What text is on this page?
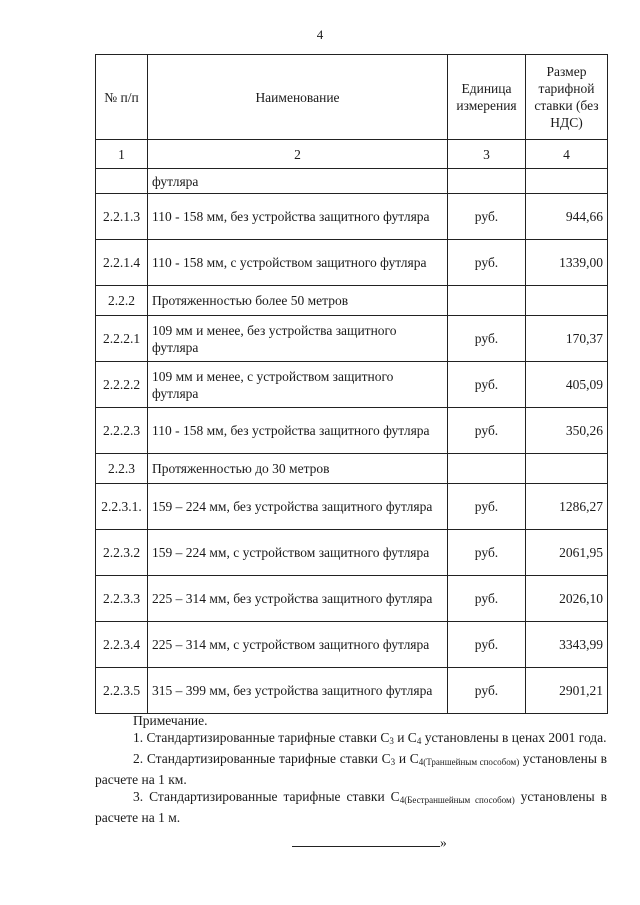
4
№ п/п	Наименование	Единица измерения	Размер тарифной ставки (без НДС)
1	2	3	4
	футляра		
2.2.1.3	110 - 158 мм, без устройства защитного футляра	руб.	944,66
2.2.1.4	110 - 158 мм, с устройством защитного футляра	руб.	1339,00
2.2.2	Протяженностью более 50 метров		
2.2.2.1	109 мм и менее, без устройства защитного футляра	руб.	170,37
2.2.2.2	109 мм и менее, с устройством защитного футляра	руб.	405,09
2.2.2.3	110 - 158 мм, без устройства защитного футляра	руб.	350,26
2.2.3	Протяженностью до 30 метров		
2.2.3.1.	159 – 224 мм, без устройства защитного футляра	руб.	1286,27
2.2.3.2	159 – 224 мм, с устройством защитного футляра	руб.	2061,95
2.2.3.3	225 – 314 мм, без устройства защитного футляра	руб.	2026,10
2.2.3.4	225 – 314 мм, с устройством защитного футляра	руб.	3343,99
2.2.3.5	315 – 399 мм, без устройства защитного футляра	руб.	2901,21

Примечание.

1. Стандартизированные тарифные ставки $С_3$ и $С_4$ установлены в ценах 2001 года.

2. Стандартизированные тарифные ставки $С_3$ и $С_{4(Траншейным способом)}$ установлены в расчете на 1 км.

3. Стандартизированные тарифные ставки $С_{4(Бестраншейным способом)}$ установлены в расчете на 1 м.

»
